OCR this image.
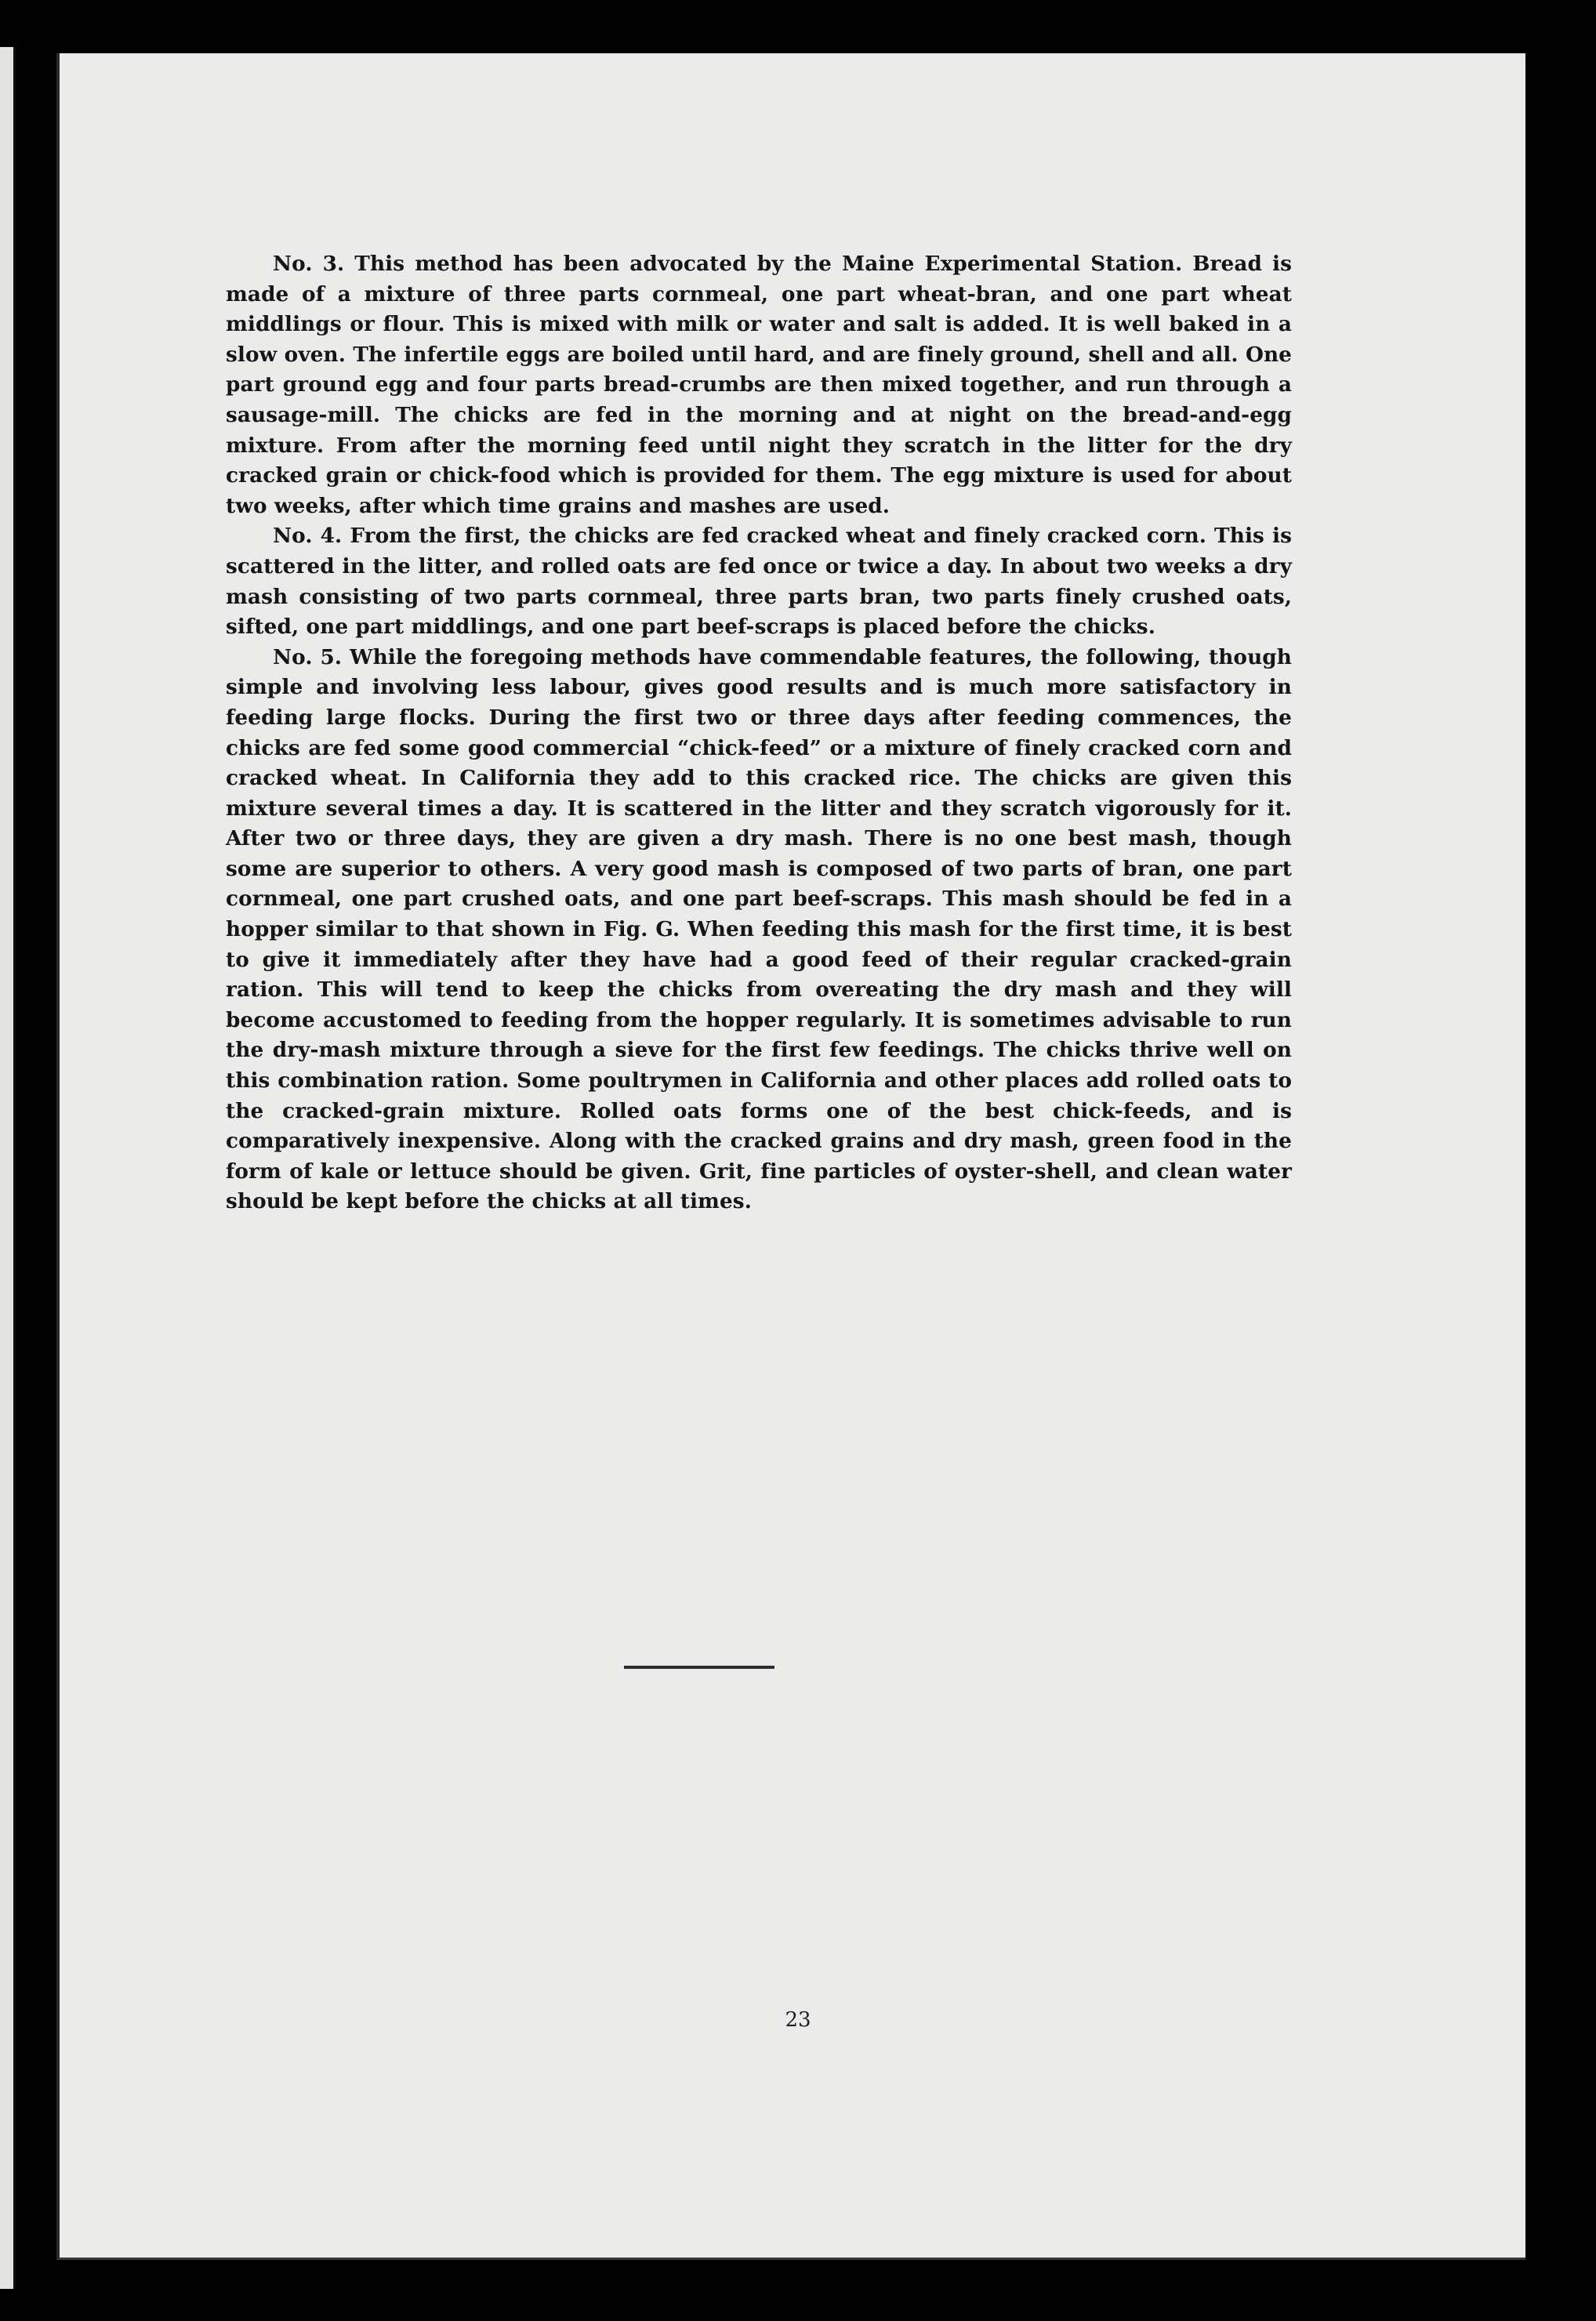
No. 3. This method has been advocated by the Maine Experimental Station. Bread is made of a mixture of three parts cornmeal, one part wheat-bran, and one part wheat middlings or flour. This is mixed with milk or water and salt is added. It is well baked in a slow oven. The infertile eggs are boiled until hard, and are finely ground, shell and all. One part ground egg and four parts bread-crumbs are then mixed together, and run through a sausage-mill. The chicks are fed in the morning and at night on the bread-and-egg mixture. From after the morning feed until night they scratch in the litter for the dry cracked grain or chick-food which is provided for them. The egg mixture is used for about two weeks, after which time grains and mashes are used.

No. 4. From the first, the chicks are fed cracked wheat and finely cracked corn. This is scattered in the litter, and rolled oats are fed once or twice a day. In about two weeks a dry mash consisting of two parts cornmeal, three parts bran, two parts finely crushed oats, sifted, one part middlings, and one part beef-scraps is placed before the chicks.

No. 5. While the foregoing methods have commendable features, the following, though simple and involving less labour, gives good results and is much more satisfactory in feeding large flocks. During the first two or three days after feeding commences, the chicks are fed some good commercial “chick-feed” or a mixture of finely cracked corn and cracked wheat. In California they add to this cracked rice. The chicks are given this mixture several times a day. It is scattered in the litter and they scratch vigorously for it. After two or three days, they are given a dry mash. There is no one best mash, though some are superior to others. A very good mash is composed of two parts of bran, one part cornmeal, one part crushed oats, and one part beef-scraps. This mash should be fed in a hopper similar to that shown in Fig. G. When feeding this mash for the first time, it is best to give it immediately after they have had a good feed of their regular cracked-grain ration. This will tend to keep the chicks from overeating the dry mash and they will become accustomed to feeding from the hopper regularly. It is sometimes advisable to run the dry-mash mixture through a sieve for the first few feedings. The chicks thrive well on this combination ration. Some poultrymen in California and other places add rolled oats to the cracked-grain mixture. Rolled oats forms one of the best chick-feeds, and is comparatively inexpensive. Along with the cracked grains and dry mash, green food in the form of kale or lettuce should be given. Grit, fine particles of oyster-shell, and clean water should be kept before the chicks at all times.

23
